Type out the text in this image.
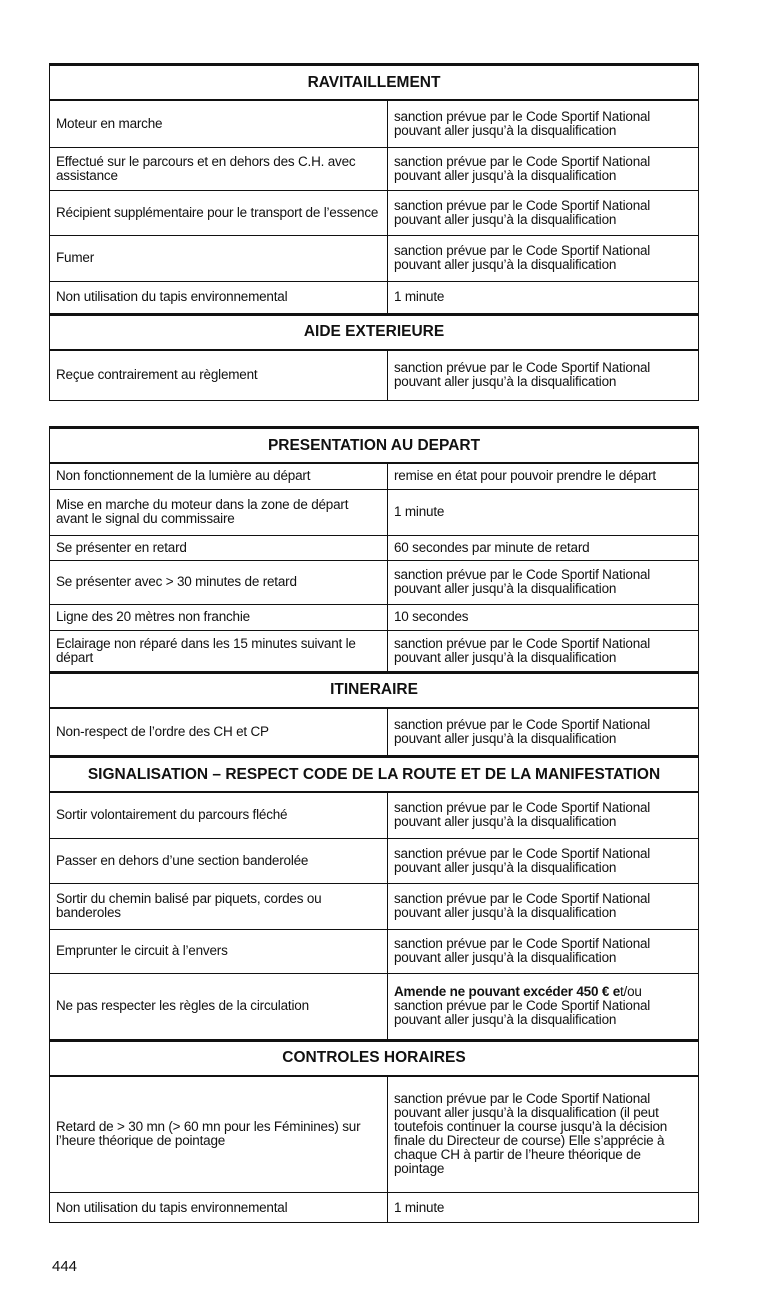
RAVITAILLEMENT	
Moteur en marche	sanction prévue par le Code Sportif National pouvant aller jusqu’à la disqualification
Effectué sur le parcours et en dehors des C.H. avec assistance	sanction prévue par le Code Sportif National pouvant aller jusqu’à la disqualification
Récipient supplémentaire pour le transport de l’essence	sanction prévue par le Code Sportif National pouvant aller jusqu’à la disqualification
Fumer	sanction prévue par le Code Sportif National pouvant aller jusqu’à la disqualification
Non utilisation du tapis environnemental	1 minute
AIDE EXTERIEURE	
Reçue contrairement au règlement	sanction prévue par le Code Sportif National pouvant aller jusqu’à la disqualification
PRESENTATION AU DEPART	
Non fonctionnement de la lumière au départ	remise en état pour pouvoir prendre le départ
Mise en marche du moteur dans la zone de départ avant le signal du commissaire	1 minute
Se présenter en retard	60 secondes par minute de retard
Se présenter avec > 30 minutes de retard	sanction prévue par le Code Sportif National pouvant aller jusqu’à la disqualification
Ligne des 20 mètres non franchie	10 secondes
Eclairage non réparé dans les 15 minutes suivant le départ	sanction prévue par le Code Sportif National pouvant aller jusqu’à la disqualification
ITINERAIRE	
Non-respect de l’ordre des CH et CP	sanction prévue par le Code Sportif National pouvant aller jusqu’à la disqualification
SIGNALISATION – RESPECT CODE DE LA ROUTE ET DE LA MANIFESTATION	
Sortir volontairement du parcours fléché	sanction prévue par le Code Sportif National pouvant aller jusqu’à la disqualification
Passer en dehors d’une section banderolée	sanction prévue par le Code Sportif National pouvant aller jusqu’à la disqualification
Sortir du chemin balisé par piquets, cordes ou banderoles	sanction prévue par le Code Sportif National pouvant aller jusqu’à la disqualification
Emprunter le circuit à l’envers	sanction prévue par le Code Sportif National pouvant aller jusqu’à la disqualification
Ne pas respecter les règles de la circulation	Amende ne pouvant excéder 450 € et/ou sanction prévue par le Code Sportif National pouvant aller jusqu’à la disqualification
CONTROLES HORAIRES	
Retard de > 30 mn (> 60 mn pour les Féminines) sur l’heure théorique de pointage	sanction prévue par le Code Sportif National pouvant aller jusqu’à la disqualification (il peut toutefois continuer la course jusqu’à la décision finale du Directeur de course) Elle s’apprécie à chaque CH à partir de l’heure théorique de pointage
Non utilisation du tapis environnemental	1 minute
444
